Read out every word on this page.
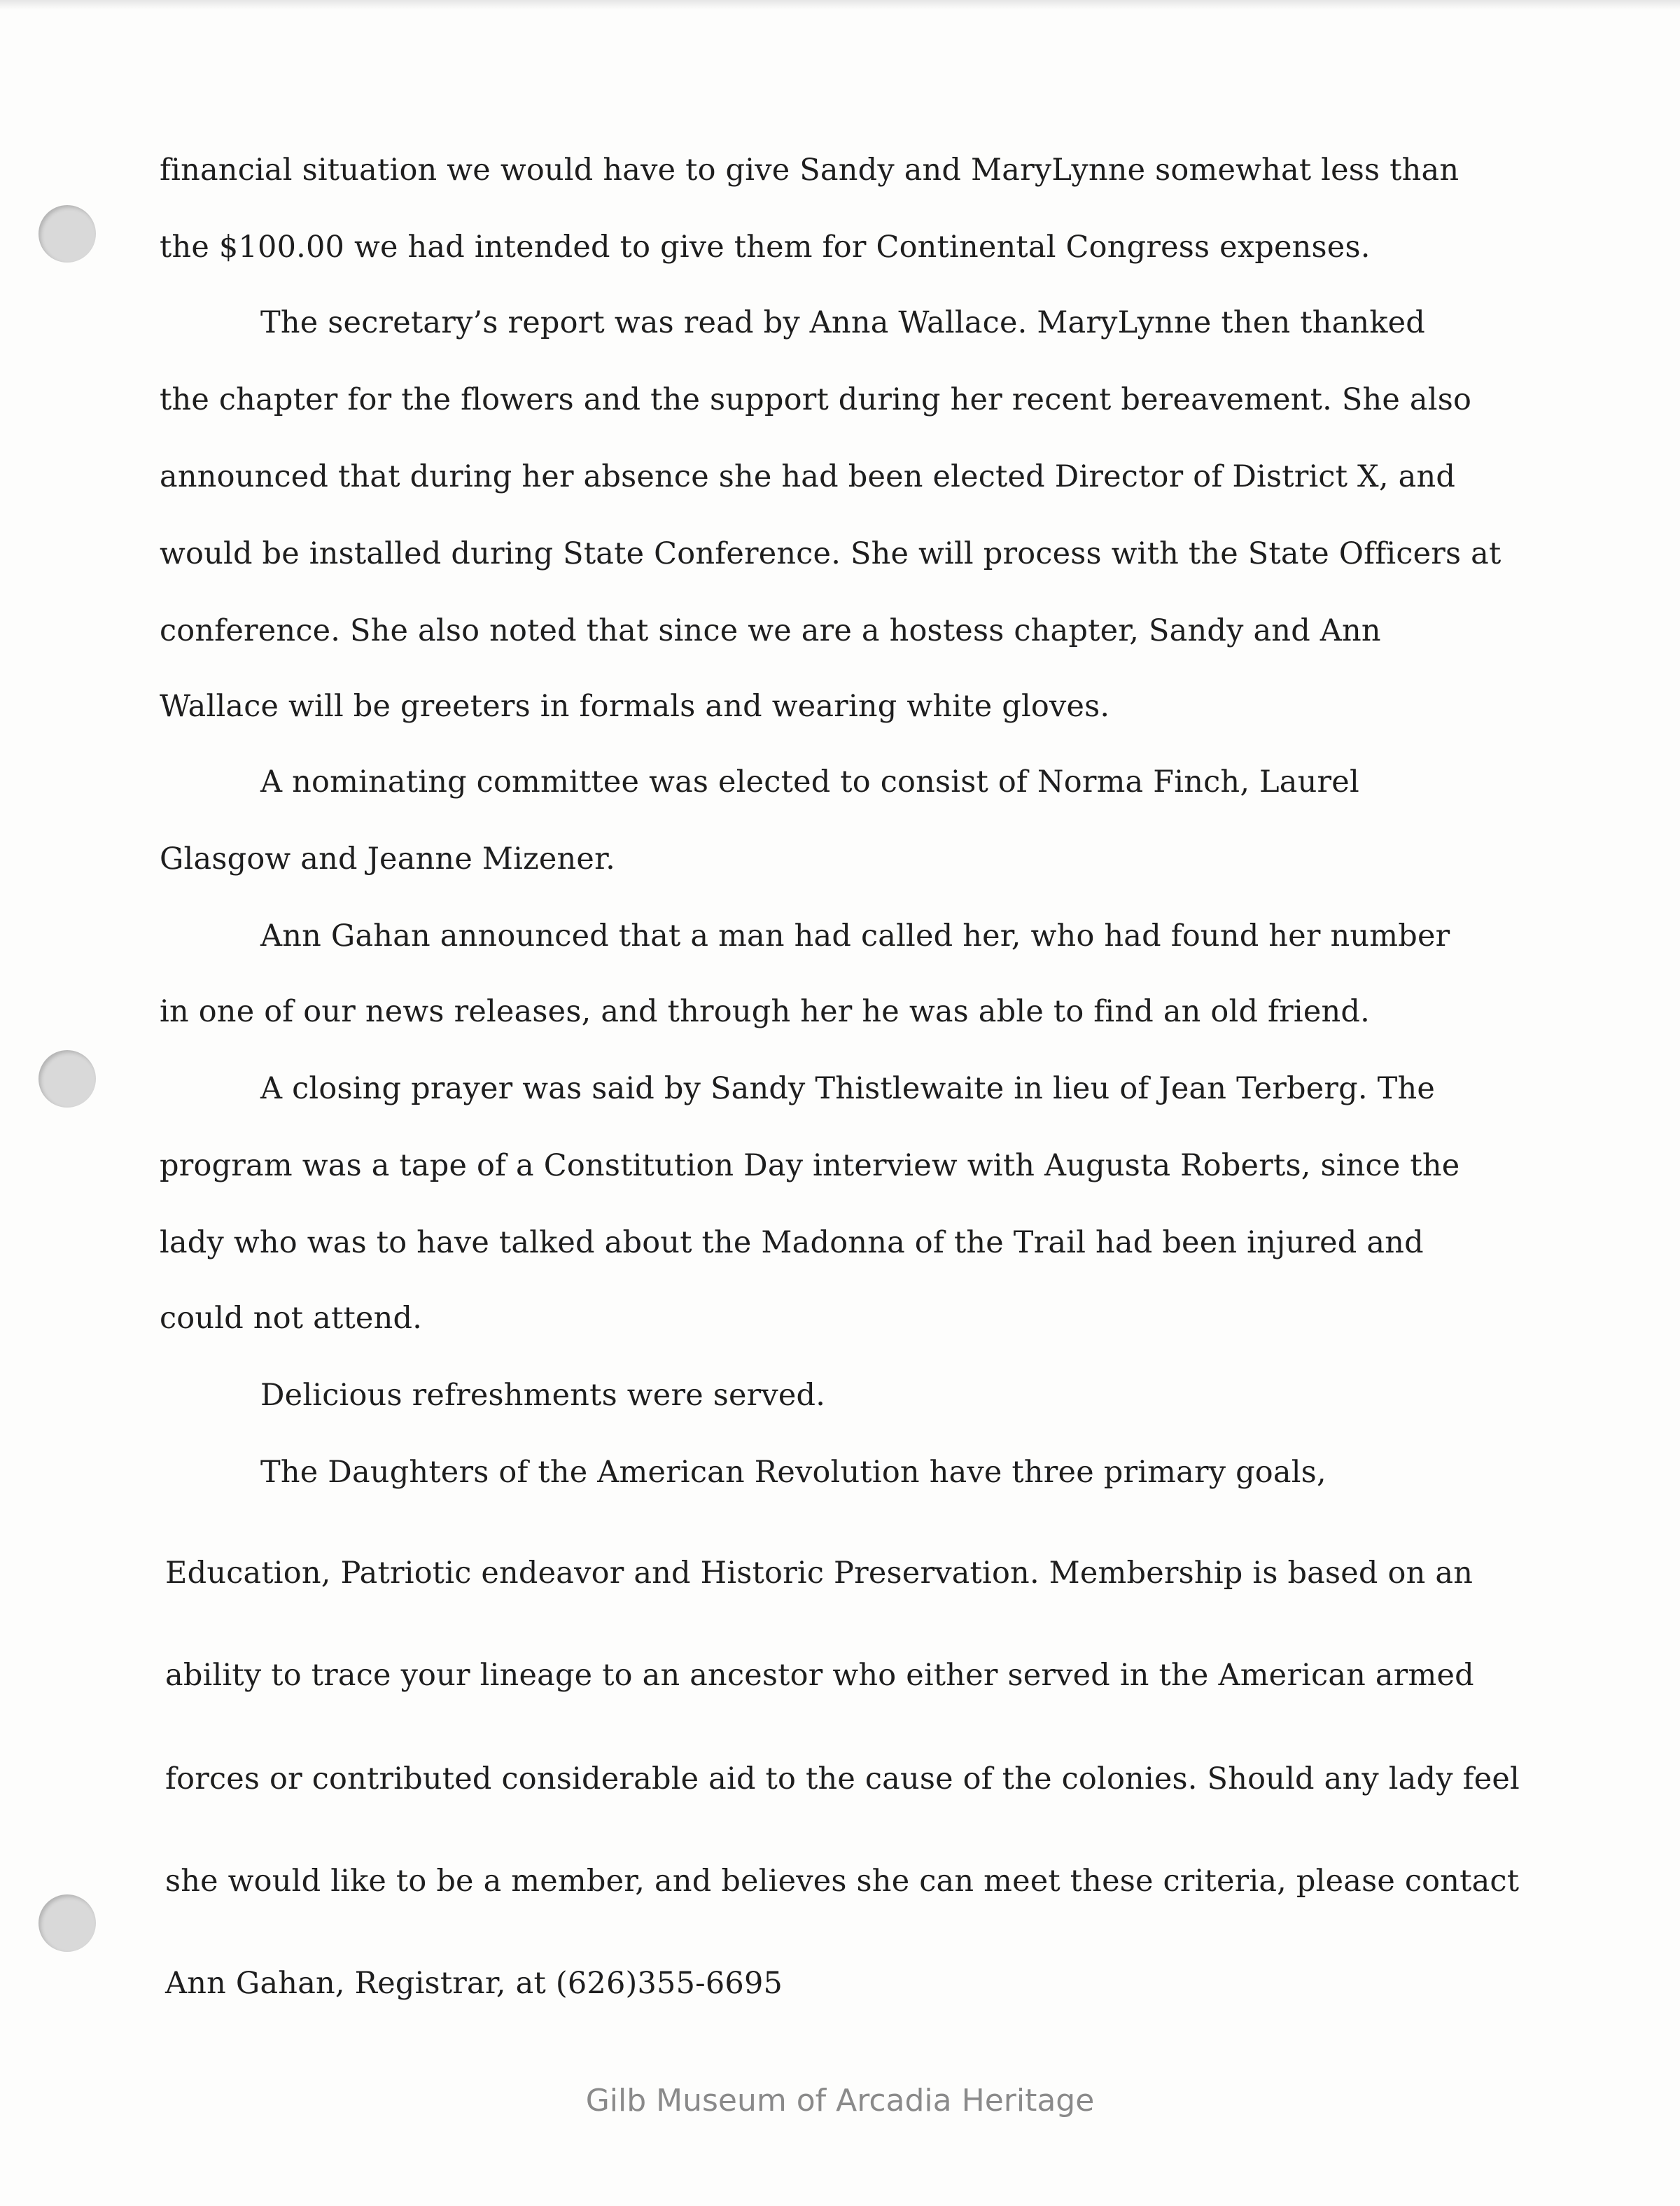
financial situation we would have to give Sandy and MaryLynne somewhat less than

the $100.00 we had intended to give them for Continental Congress expenses.

The secretary’s report was read by Anna Wallace. MaryLynne then thanked

the chapter for the flowers and the support during her recent bereavement. She also

announced that during her absence she had been elected Director of District X, and

would be installed during State Conference. She will process with the State Officers at

conference. She also noted that since we are a hostess chapter, Sandy and Ann

Wallace will be greeters in formals and wearing white gloves.

A nominating committee was elected to consist of Norma Finch, Laurel

Glasgow and Jeanne Mizener.

Ann Gahan announced that a man had called her, who had found her number

in one of our news releases, and through her he was able to find an old friend.

A closing prayer was said by Sandy Thistlewaite in lieu of Jean Terberg. The

program was a tape of a Constitution Day interview with Augusta Roberts, since the

lady who was to have talked about the Madonna of the Trail had been injured and

could not attend.

Delicious refreshments were served.

The Daughters of the American Revolution have three primary goals,

Education, Patriotic endeavor and Historic Preservation. Membership is based on an

ability to trace your lineage to an ancestor who either served in the American armed

forces or contributed considerable aid to the cause of the colonies. Should any lady feel

she would like to be a member, and believes she can meet these criteria, please contact

Ann Gahan, Registrar, at (626)355-6695

Gilb Museum of Arcadia Heritage
